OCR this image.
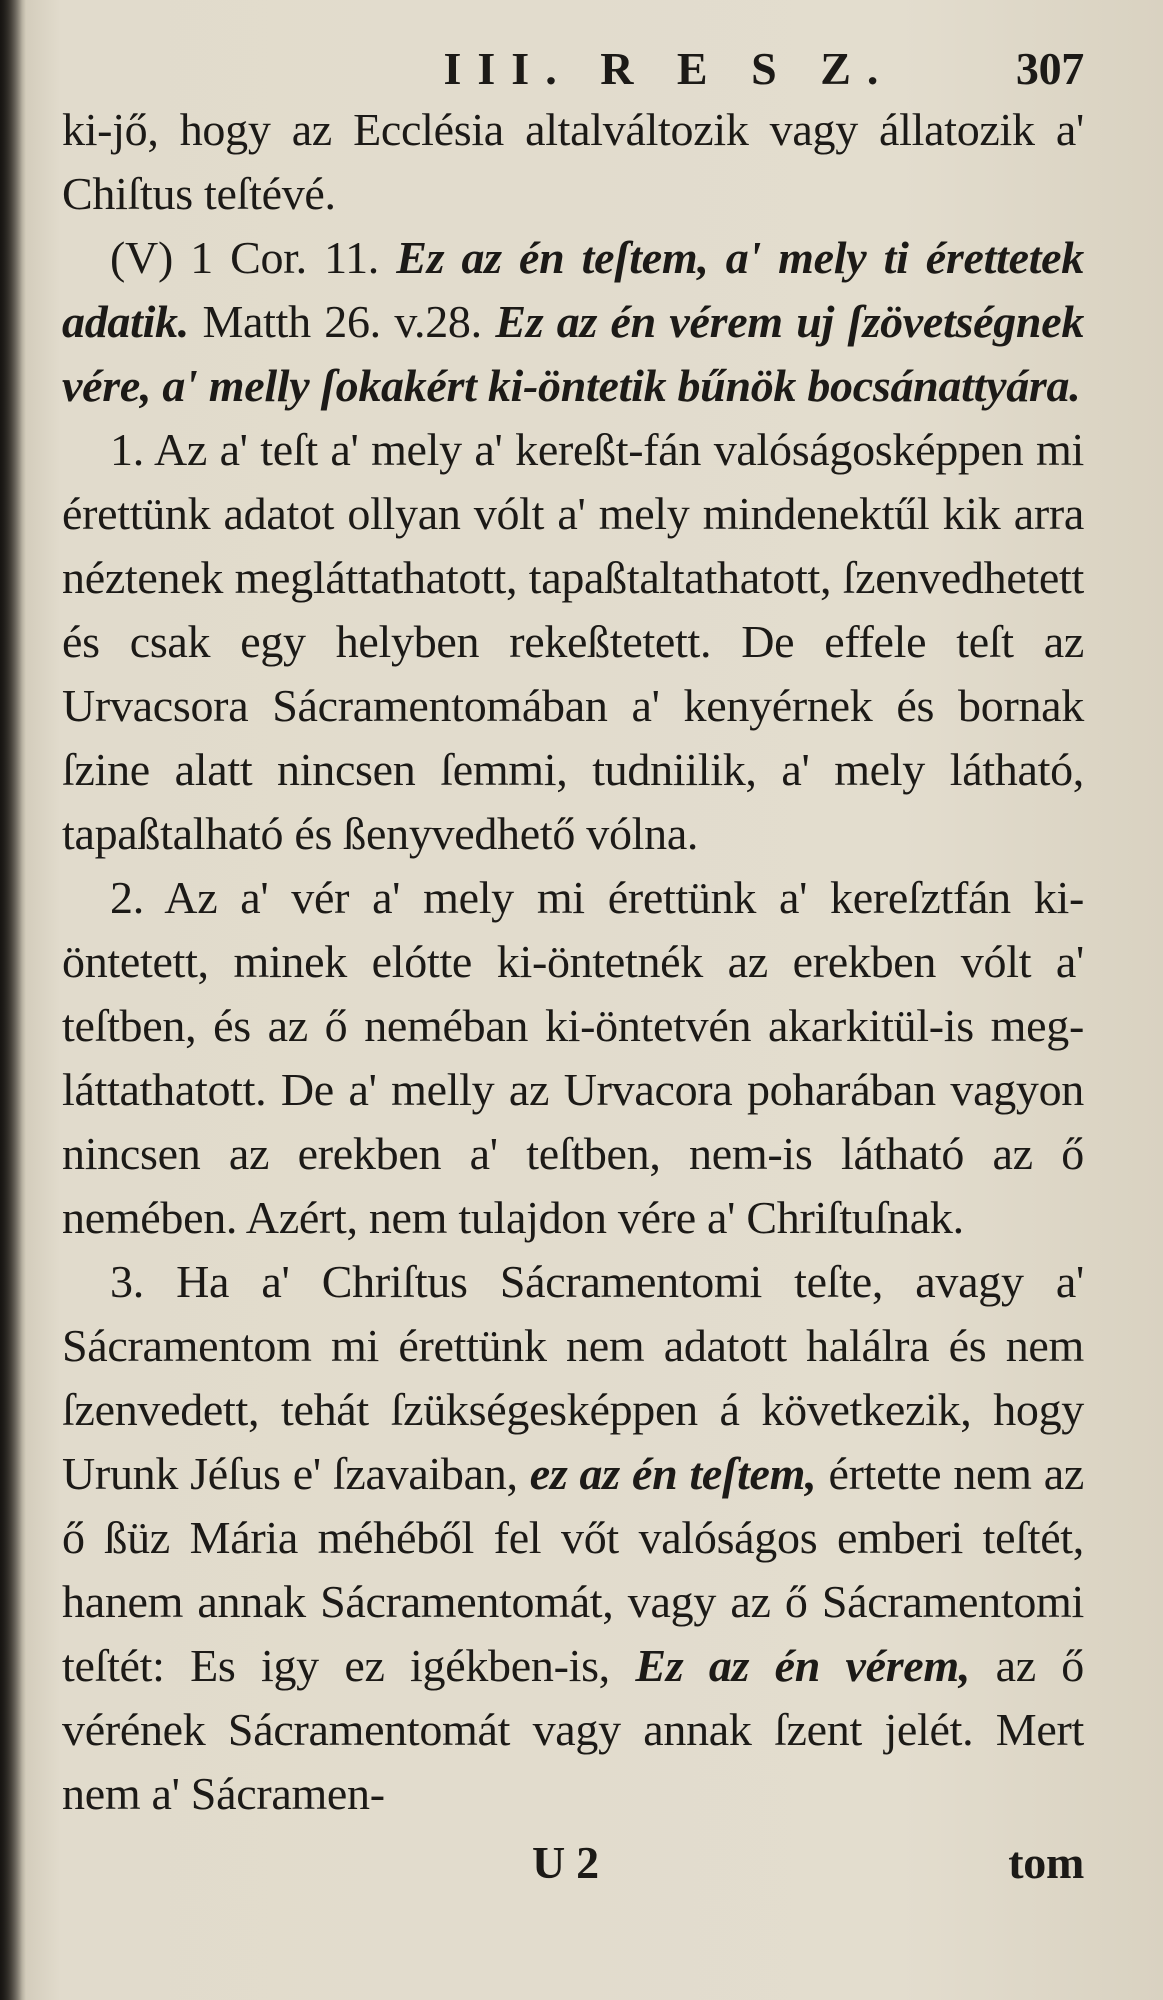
III. R E S Z.	307

ki-jő, hogy az Ecclésia altalváltozik vagy állatozik a' Chiſtus teſtévé.

(V) 1 Cor. 11. Ez az én teſtem, a' mely ti érettetek adatik. Matth 26. v.28. Ez az én vérem uj ſzövetségnek vére, a' melly ſokakért ki-öntetik bűnök bocsánattyára.

1. Az a' teſt a' mely a' kereßt-fán valóságosképpen mi érettünk adatot ollyan vólt a' mely mindenektűl kik arra néztenek megláttathatott, tapaßtaltathatott, ſzenvedhetett és csak egy helyben rekeßtetett. De effele teſt az Urvacsora Sácramentomában a' kenyérnek és bornak ſzine alatt nincsen ſemmi, tudniilik, a' mely látható, tapaßtalható és ßenyvedhető vólna.

2. Az a' vér a' mely mi érettünk a' kereſztfán ki-öntetett, minek elótte ki-öntetnék az erekben vólt a' teſtben, és az ő neméban ki-öntetvén akarkitül-is meg-láttathatott. De a' melly az Urvacora poharában vagyon nincsen az erekben a' teſtben, nem-is látható az ő nemében. Azért, nem tulajdon vére a' Chriſtuſnak.

3. Ha a' Chriſtus Sácramentomi teſte, avagy a' Sácramentom mi érettünk nem adatott halálra és nem ſzenvedett, tehát ſzükségesképpen á következik, hogy Urunk Jéſus e' ſzavaiban, ez az én teſtem, értette nem az ő ßüz Mária méhéből fel vőt valóságos emberi teſtét, hanem annak Sácramentomát, vagy az ő Sácramentomi teſtét: Es igy ez igékben-is, Ez az én vérem, az ő vérének Sácramentomát vagy annak ſzent jelét. Mert nem a' Sácramen-

U 2	tom
